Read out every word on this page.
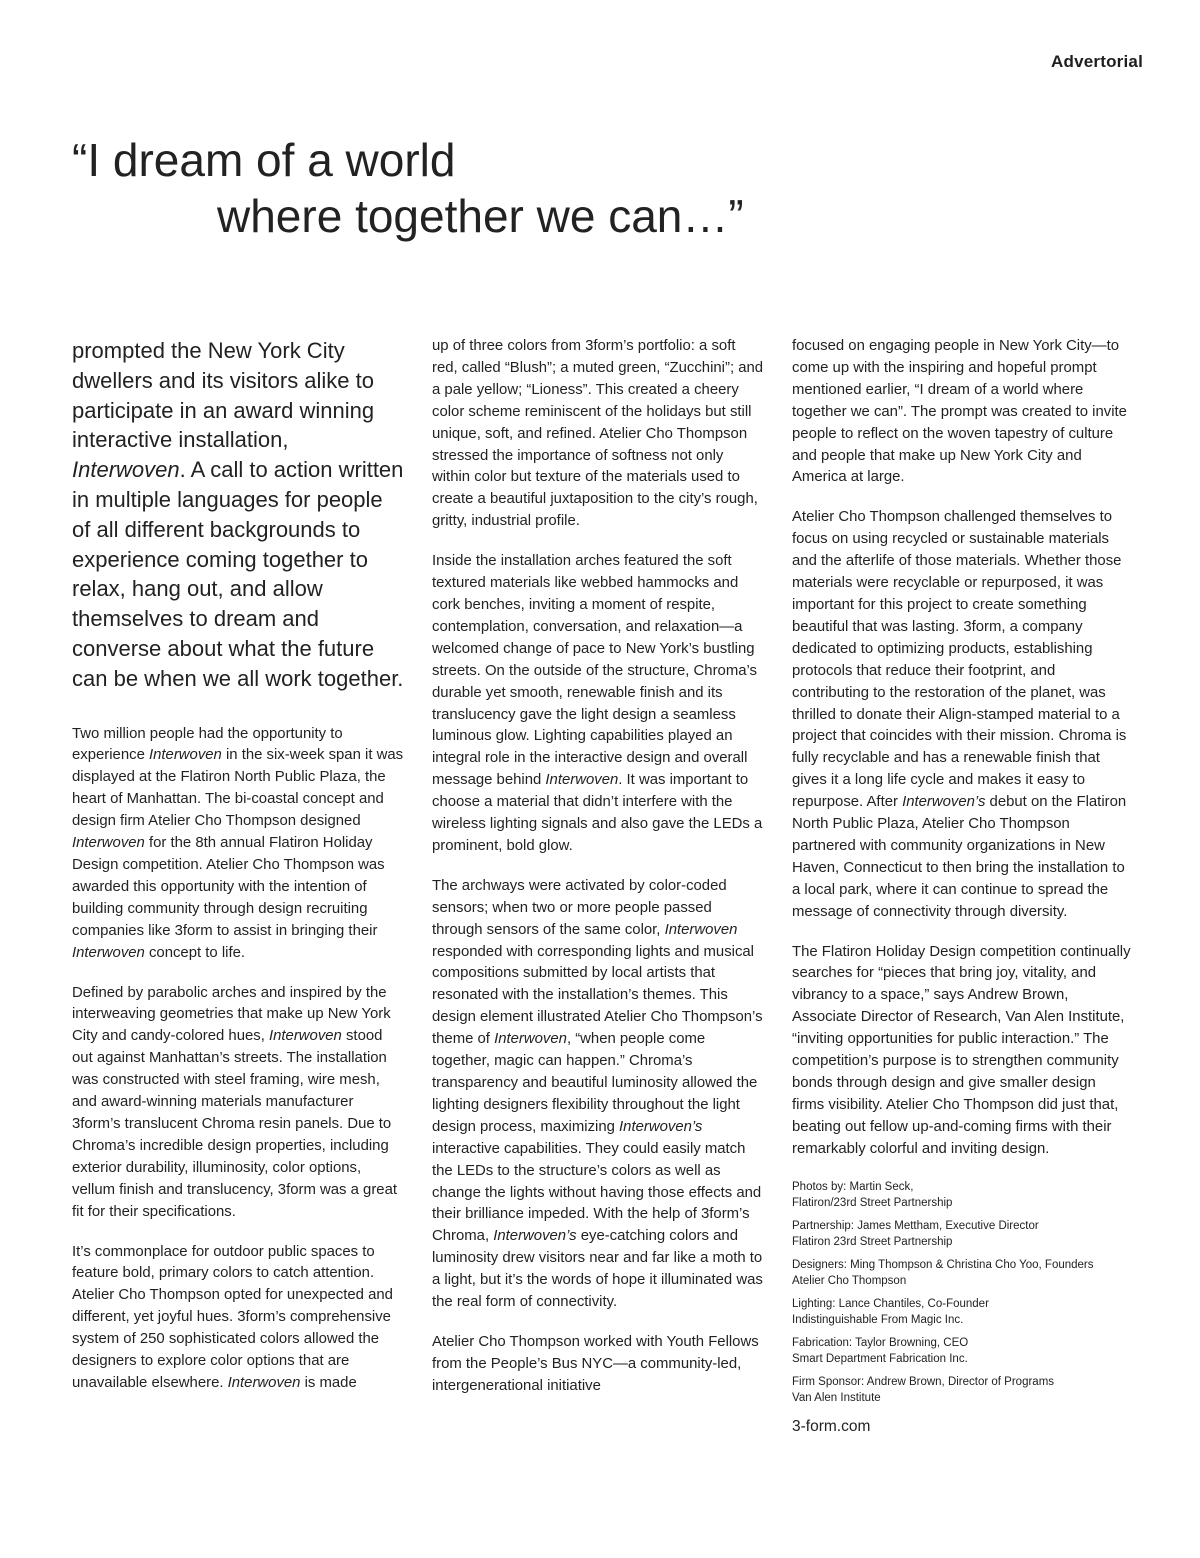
Advertorial
“I dream of a world
where together we can…”

prompted the New York City dwellers and its visitors alike to participate in an award winning interactive installation, Interwoven. A call to action written in multiple languages for people of all different backgrounds to experience coming together to relax, hang out, and allow themselves to dream and converse about what the future can be when we all work together.

Two million people had the opportunity to experience Interwoven in the six-week span it was displayed at the Flatiron North Public Plaza, the heart of Manhattan. The bi-coastal concept and design firm Atelier Cho Thompson designed Interwoven for the 8th annual Flatiron Holiday Design competition. Atelier Cho Thompson was awarded this opportunity with the intention of building community through design recruiting companies like 3form to assist in bringing their Interwoven concept to life.

Defined by parabolic arches and inspired by the interweaving geometries that make up New York City and candy-colored hues, Interwoven stood out against Manhattan’s streets. The installation was constructed with steel framing, wire mesh, and award-winning materials manufacturer 3form’s translucent Chroma resin panels. Due to Chroma’s incredible design properties, including exterior durability, illuminosity, color options, vellum finish and translucency, 3form was a great fit for their specifications.

It’s commonplace for outdoor public spaces to feature bold, primary colors to catch attention. Atelier Cho Thompson opted for unexpected and different, yet joyful hues. 3form’s comprehensive system of 250 sophisticated colors allowed the designers to explore color options that are unavailable elsewhere. Interwoven is made

up of three colors from 3form’s portfolio: a soft red, called “Blush”; a muted green, “Zucchini”; and a pale yellow; “Lioness”. This created a cheery color scheme reminiscent of the holidays but still unique, soft, and refined. Atelier Cho Thompson stressed the importance of softness not only within color but texture of the materials used to create a beautiful juxtaposition to the city’s rough, gritty, industrial profile.

Inside the installation arches featured the soft textured materials like webbed hammocks and cork benches, inviting a moment of respite, contemplation, conversation, and relaxation—a welcomed change of pace to New York’s bustling streets. On the outside of the structure, Chroma’s durable yet smooth, renewable finish and its translucency gave the light design a seamless luminous glow. Lighting capabilities played an integral role in the interactive design and overall message behind Interwoven. It was important to choose a material that didn’t interfere with the wireless lighting signals and also gave the LEDs a prominent, bold glow.

The archways were activated by color-coded sensors; when two or more people passed through sensors of the same color, Interwoven responded with corresponding lights and musical compositions submitted by local artists that resonated with the installation’s themes. This design element illustrated Atelier Cho Thompson’s theme of Interwoven, “when people come together, magic can happen.” Chroma’s transparency and beautiful luminosity allowed the lighting designers flexibility throughout the light design process, maximizing Interwoven’s interactive capabilities. They could easily match the LEDs to the structure’s colors as well as change the lights without having those effects and their brilliance impeded. With the help of 3form’s Chroma, Interwoven’s eye-catching colors and luminosity drew visitors near and far like a moth to a light, but it’s the words of hope it illuminated was the real form of connectivity.

Atelier Cho Thompson worked with Youth Fellows from the People’s Bus NYC—a community-led, intergenerational initiative

focused on engaging people in New York City—to come up with the inspiring and hopeful prompt mentioned earlier, “I dream of a world where together we can”. The prompt was created to invite people to reflect on the woven tapestry of culture and people that make up New York City and America at large.

Atelier Cho Thompson challenged themselves to focus on using recycled or sustainable materials and the afterlife of those materials. Whether those materials were recyclable or repurposed, it was important for this project to create something beautiful that was lasting. 3form, a company dedicated to optimizing products, establishing protocols that reduce their footprint, and contributing to the restoration of the planet, was thrilled to donate their Align-stamped material to a project that coincides with their mission. Chroma is fully recyclable and has a renewable finish that gives it a long life cycle and makes it easy to repurpose. After Interwoven’s debut on the Flatiron North Public Plaza, Atelier Cho Thompson partnered with community organizations in New Haven, Connecticut to then bring the installation to a local park, where it can continue to spread the message of connectivity through diversity.

The Flatiron Holiday Design competition continually searches for “pieces that bring joy, vitality, and vibrancy to a space,” says Andrew Brown, Associate Director of Research, Van Alen Institute, “inviting opportunities for public interaction.” The competition’s purpose is to strengthen community bonds through design and give smaller design firms visibility. Atelier Cho Thompson did just that, beating out fellow up-and-coming firms with their remarkably colorful and inviting design.

Photos by: Martin Seck,
Flatiron/23rd Street Partnership

Partnership: James Mettham, Executive Director
Flatiron 23rd Street Partnership

Designers: Ming Thompson & Christina Cho Yoo, Founders
Atelier Cho Thompson

Lighting: Lance Chantiles, Co-Founder
Indistinguishable From Magic Inc.

Fabrication: Taylor Browning, CEO
Smart Department Fabrication Inc.

Firm Sponsor: Andrew Brown, Director of Programs
Van Alen Institute

3-form.com
